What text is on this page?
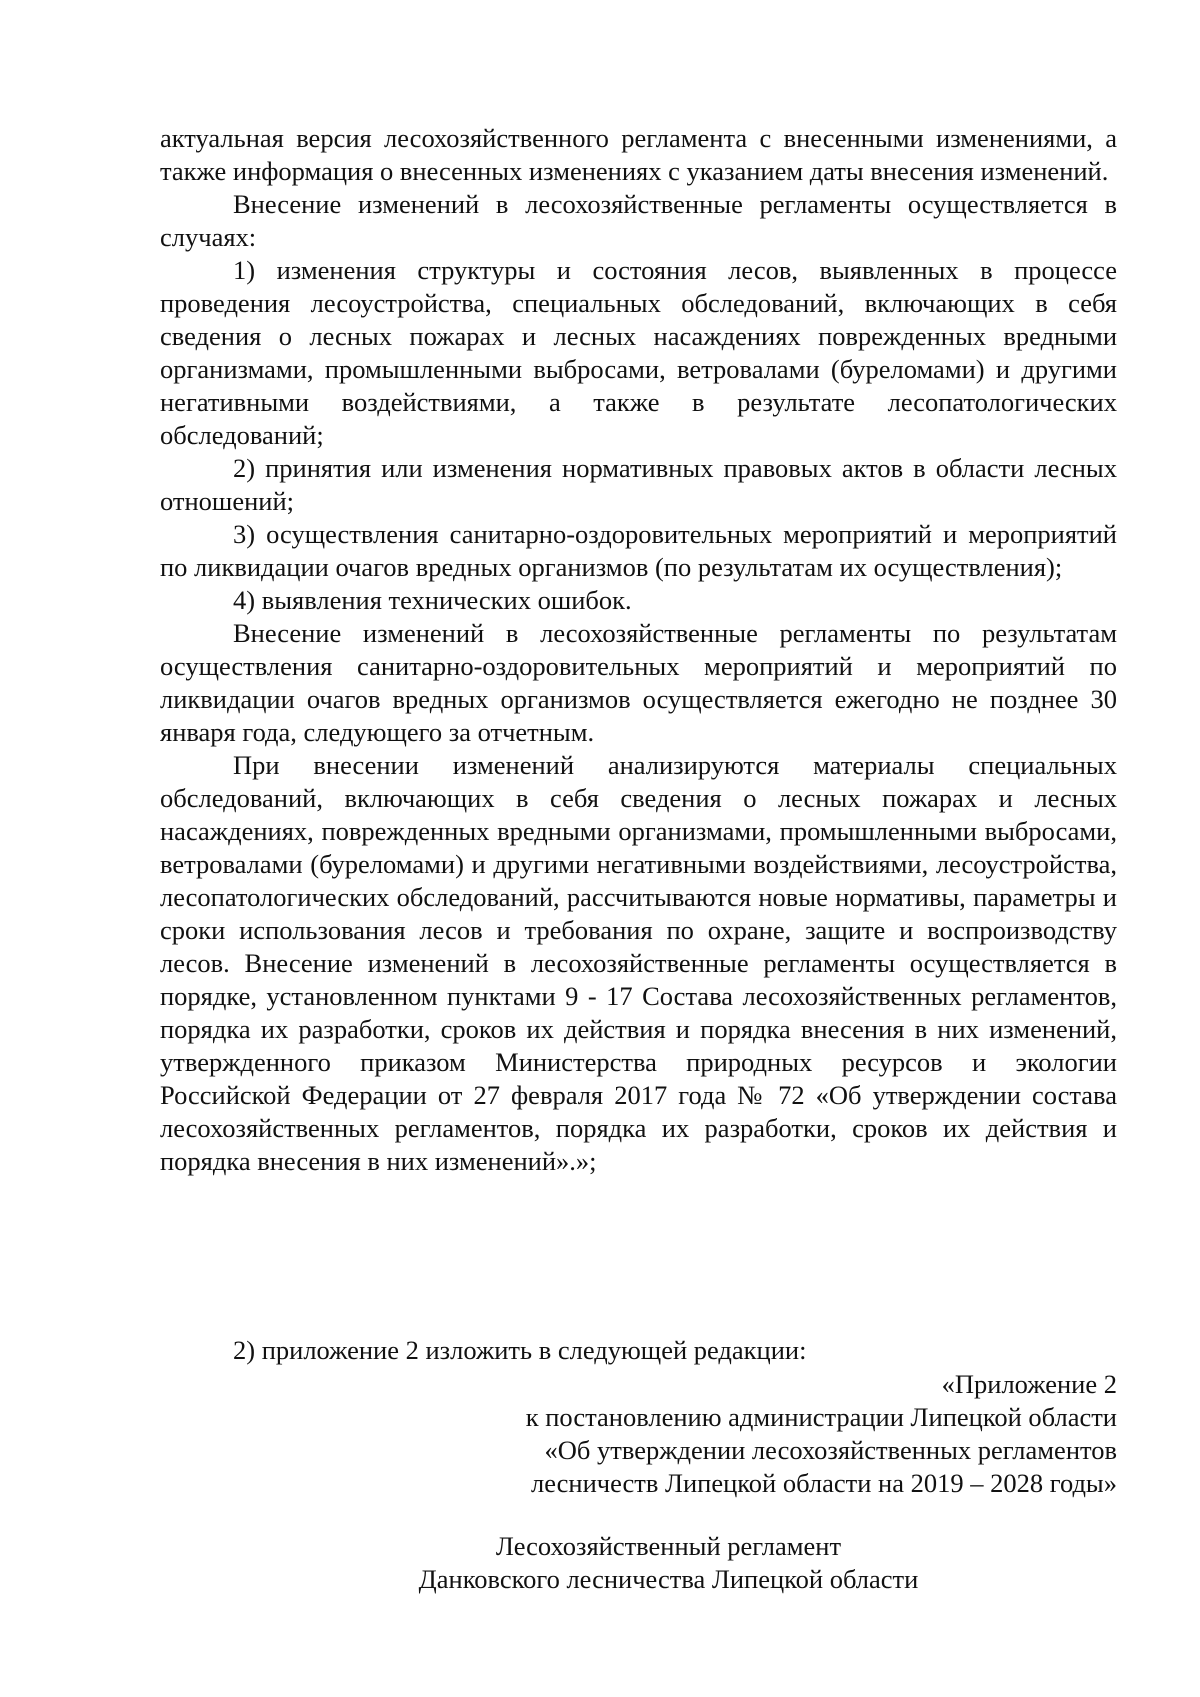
актуальная версия лесохозяйственного регламента с внесенными изменениями, а также информация о внесенных изменениях с указанием даты внесения изменений.

Внесение изменений в лесохозяйственные регламенты осуществляется в случаях:

1) изменения структуры и состояния лесов, выявленных в процессе проведения лесоустройства, специальных обследований, включающих в себя сведения о лесных пожарах и лесных насаждениях поврежденных вредными организмами, промышленными выбросами, ветровалами (буреломами) и другими негативными воздействиями, а также в результате лесопатологических обследований;

2) принятия или изменения нормативных правовых актов в области лесных отношений;

3) осуществления санитарно-оздоровительных мероприятий и мероприятий по ликвидации очагов вредных организмов (по результатам их осуществления);

4) выявления технических ошибок.

Внесение изменений в лесохозяйственные регламенты по результатам осуществления санитарно-оздоровительных мероприятий и мероприятий по ликвидации очагов вредных организмов осуществляется ежегодно не позднее 30 января года, следующего за отчетным.

При внесении изменений анализируются материалы специальных обследований, включающих в себя сведения о лесных пожарах и лесных насаждениях, поврежденных вредными организмами, промышленными выбросами, ветровалами (буреломами) и другими негативными воздействиями, лесоустройства, лесопатологических обследований, рассчитываются новые нормативы, параметры и сроки использования лесов и требования по охране, защите и воспроизводству лесов. Внесение изменений в лесохозяйственные регламенты осуществляется в порядке, установленном пунктами 9 - 17 Состава лесохозяйственных регламентов, порядка их разработки, сроков их действия и порядка внесения в них изменений, утвержденного приказом Министерства природных ресурсов и экологии Российской Федерации от 27 февраля 2017 года № 72 «Об утверждении состава лесохозяйственных регламентов, порядка их разработки, сроков их действия и порядка внесения в них изменений».»;

2) приложение 2 изложить в следующей редакции:

«Приложение 2
к постановлению администрации Липецкой области
«Об утверждении лесохозяйственных регламентов
лесничеств Липецкой области на 2019 – 2028 годы»
Лесохозяйственный регламент
Данковского лесничества Липецкой области
